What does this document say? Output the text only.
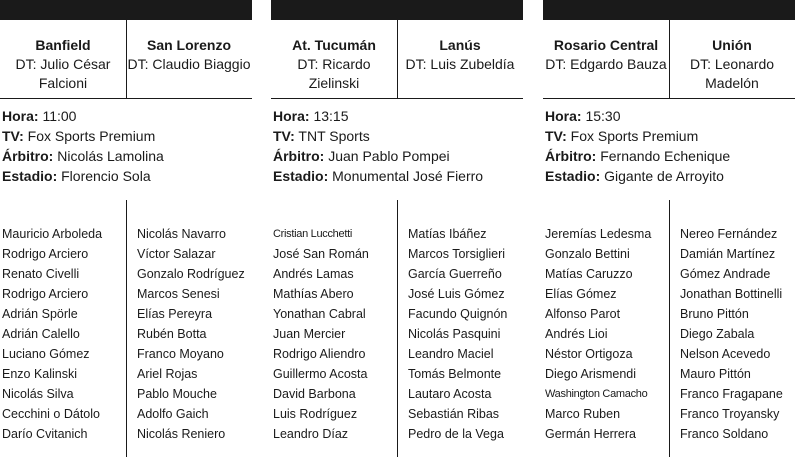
Banfield
DT: Julio César Falcioni
San Lorenzo
DT: Claudio Biaggio
Hora: 11:00
TV: Fox Sports Premium
Árbitro: Nicolás Lamolina
Estadio: Florencio Sola
Mauricio Arboleda
Rodrigo Arciero
Renato Civelli
Rodrigo Arciero
Adrián Spörle
Adrián Calello
Luciano Gómez
Enzo Kalinski
Nicolás Silva
Cecchini o Dátolo
Darío Cvitanich
Nicolás Navarro
Víctor Salazar
Gonzalo Rodríguez
Marcos Senesi
Elías Pereyra
Rubén Botta
Franco Moyano
Ariel Rojas
Pablo Mouche
Adolfo Gaich
Nicolás Reniero
At. Tucumán
DT: Ricardo Zielinski
Lanús
DT: Luis Zubeldía
Hora: 13:15
TV: TNT Sports
Árbitro: Juan Pablo Pompei
Estadio: Monumental José Fierro
Cristian Lucchetti
José San Román
Andrés Lamas
Mathías Abero
Yonathan Cabral
Juan Mercier
Rodrigo Aliendro
Guillermo Acosta
David Barbona
Luis Rodríguez
Leandro Díaz
Matías Ibáñez
Marcos Torsiglieri
García Guerreño
José Luis Gómez
Facundo Quignón
Nicolás Pasquini
Leandro Maciel
Tomás Belmonte
Lautaro Acosta
Sebastián Ribas
Pedro de la Vega
Rosario Central
DT: Edgardo Bauza
Unión
DT: Leonardo Madelón
Hora: 15:30
TV: Fox Sports Premium
Árbitro: Fernando Echenique
Estadio: Gigante de Arroyito
Jeremías Ledesma
Gonzalo Bettini
Matías Caruzzo
Elías Gómez
Alfonso Parot
Andrés Lioi
Néstor Ortigoza
Diego Arismendi
Washington Camacho
Marco Ruben
Germán Herrera
Nereo Fernández
Damián Martínez
Gómez Andrade
Jonathan Bottinelli
Bruno Pittón
Diego Zabala
Nelson Acevedo
Mauro Pittón
Franco Fragapane
Franco Troyansky
Franco Soldano
